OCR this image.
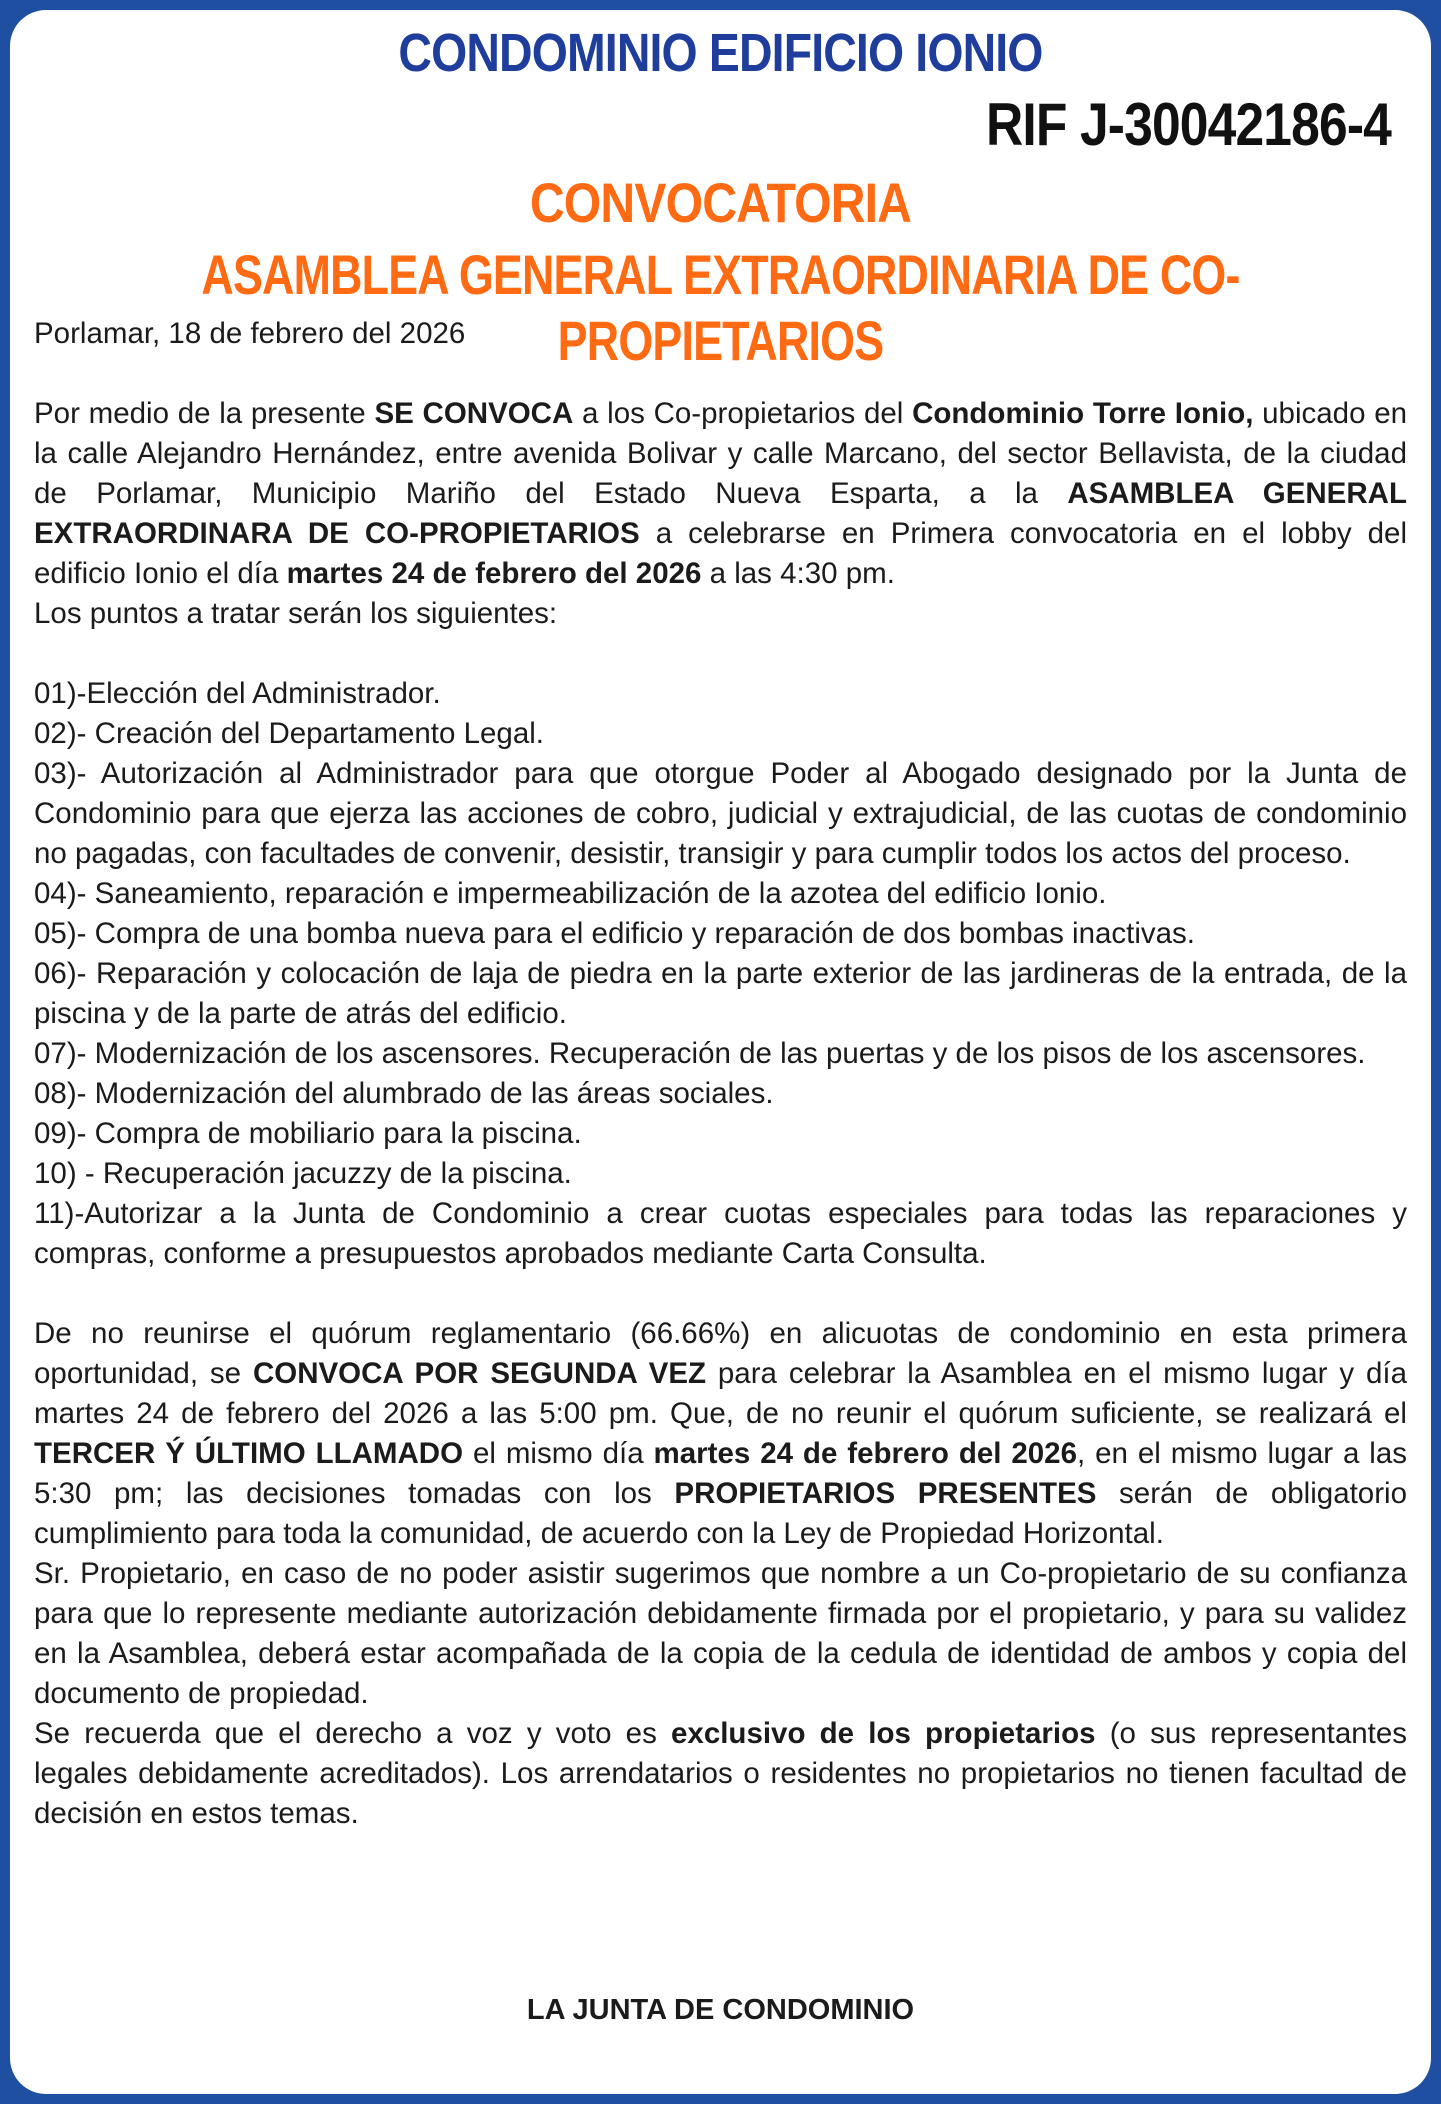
CONDOMINIO EDIFICIO IONIO
RIF J-30042186-4
CONVOCATORIA
ASAMBLEA GENERAL EXTRAORDINARIA DE CO-PROPIETARIOS

Porlamar, 18 de febrero del 2026

Por medio de la presente SE CONVOCA a los Co-propietarios del Condominio Torre Ionio, ubicado en la calle Alejandro Hernández, entre avenida Bolivar y calle Marcano, del sector Bellavista, de la ciudad de Porlamar, Municipio Mariño del Estado Nueva Esparta, a la ASAMBLEA GENERAL EXTRAORDINARA DE CO-PROPIETARIOS a celebrarse en Primera convocatoria en el lobby del edificio Ionio el día martes 24 de febrero del 2026 a las 4:30 pm.

Los puntos a tratar serán los siguientes:

01)-Elección del Administrador.

02)- Creación del Departamento Legal.

03)- Autorización al Administrador para que otorgue Poder al Abogado designado por la Junta de Condominio para que ejerza las acciones de cobro, judicial y extrajudicial, de las cuotas de condominio no pagadas, con facultades de convenir, desistir, transigir y para cumplir todos los actos del proceso.

04)- Saneamiento, reparación e impermeabilización de la azotea del edificio Ionio.

05)- Compra de una bomba nueva para el edificio y reparación de dos bombas inactivas.

06)- Reparación y colocación de laja de piedra en la parte exterior de las jardineras de la entrada, de la piscina y de la parte de atrás del edificio.

07)- Modernización de los ascensores. Recuperación de las puertas y de los pisos de los ascensores.

08)- Modernización del alumbrado de las áreas sociales.

09)- Compra de mobiliario para la piscina.

10) - Recuperación jacuzzy de la piscina.

11)-Autorizar a la Junta de Condominio a crear cuotas especiales para todas las reparaciones y compras, conforme a presupuestos aprobados mediante Carta Consulta.

De no reunirse el quórum reglamentario (66.66%) en alicuotas de condominio en esta primera oportunidad, se CONVOCA POR SEGUNDA VEZ para celebrar la Asamblea en el mismo lugar y día martes 24 de febrero del 2026 a las 5:00 pm. Que, de no reunir el quórum suficiente, se realizará el TERCER Ý ÚLTIMO LLAMADO el mismo día martes 24 de febrero del 2026, en el mismo lugar a las 5:30 pm; las decisiones tomadas con los PROPIETARIOS PRESENTES serán de obligatorio cumplimiento para toda la comunidad, de acuerdo con la Ley de Propiedad Horizontal.

Sr. Propietario, en caso de no poder asistir sugerimos que nombre a un Co-propietario de su confianza para que lo represente mediante autorización debidamente firmada por el propietario, y para su validez en la Asamblea, deberá estar acompañada de la copia de la cedula de identidad de ambos y copia del documento de propiedad.

Se recuerda que el derecho a voz y voto es exclusivo de los propietarios (o sus representantes legales debidamente acreditados). Los arrendatarios o residentes no propietarios no tienen facultad de decisión en estos temas.

LA JUNTA DE CONDOMINIO
